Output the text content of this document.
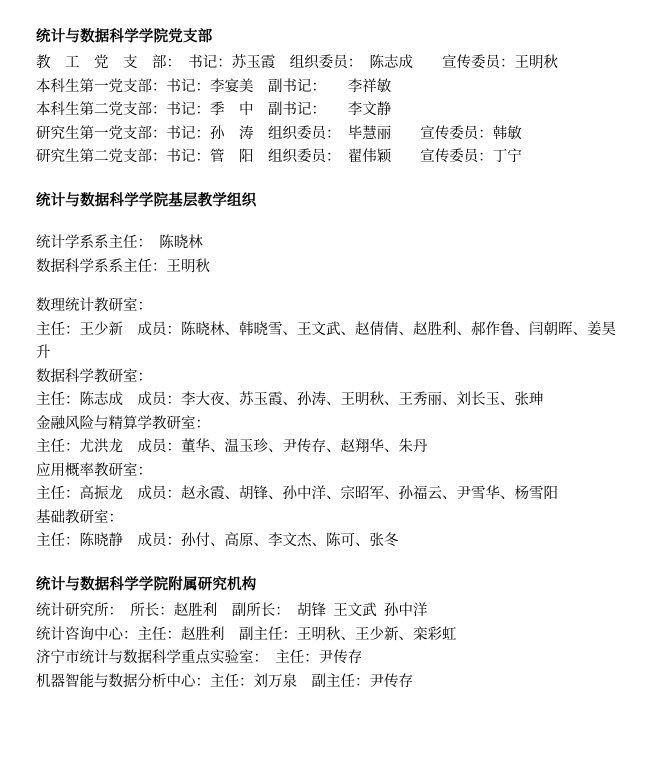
统计与数据科学学院党支部

教　工　党　支　部：  书记：苏玉霞　组织委员：　陈志成　　宣传委员：王明秋

本科生第一党支部：书记：李宴美　副书记：　　李祥敏

本科生第二党支部：书记：季　中　副书记：　　李文静

研究生第一党支部：书记：孙　涛　组织委员：　毕慧丽　　宣传委员：韩敏

研究生第二党支部：书记：管　阳　组织委员：　翟伟颖　　宣传委员：丁宁

统计与数据科学学院基层教学组织

统计学系系主任：　陈晓林

数据科学系系主任：王明秋

数理统计教研室：

主任：王少新　成员：陈晓林、韩晓雪、王文武、赵倩倩、赵胜利、郝作鲁、闫朝晖、姜昊升

数据科学教研室：

主任：陈志成　成员：李大夜、苏玉霞、孙涛、王明秋、王秀丽、刘长玉、张珅

金融风险与精算学教研室：

主任：尤洪龙　成员：董华、温玉珍、尹传存、赵翔华、朱丹

应用概率教研室：

主任：高振龙　成员：赵永霞、胡锋、孙中洋、宗昭军、孙福云、尹雪华、杨雪阳

基础教研室：

主任：陈晓静　成员：孙付、高原、李文杰、陈可、张冬

统计与数据科学学院附属研究机构

统计研究所：　所长：赵胜利　副所长：　胡锋  王文武  孙中洋

统计咨询中心：主任：赵胜利　副主任：王明秋、王少新、栾彩虹

济宁市统计与数据科学重点实验室：  主任：尹传存

机器智能与数据分析中心：主任：刘万泉　副主任：尹传存
